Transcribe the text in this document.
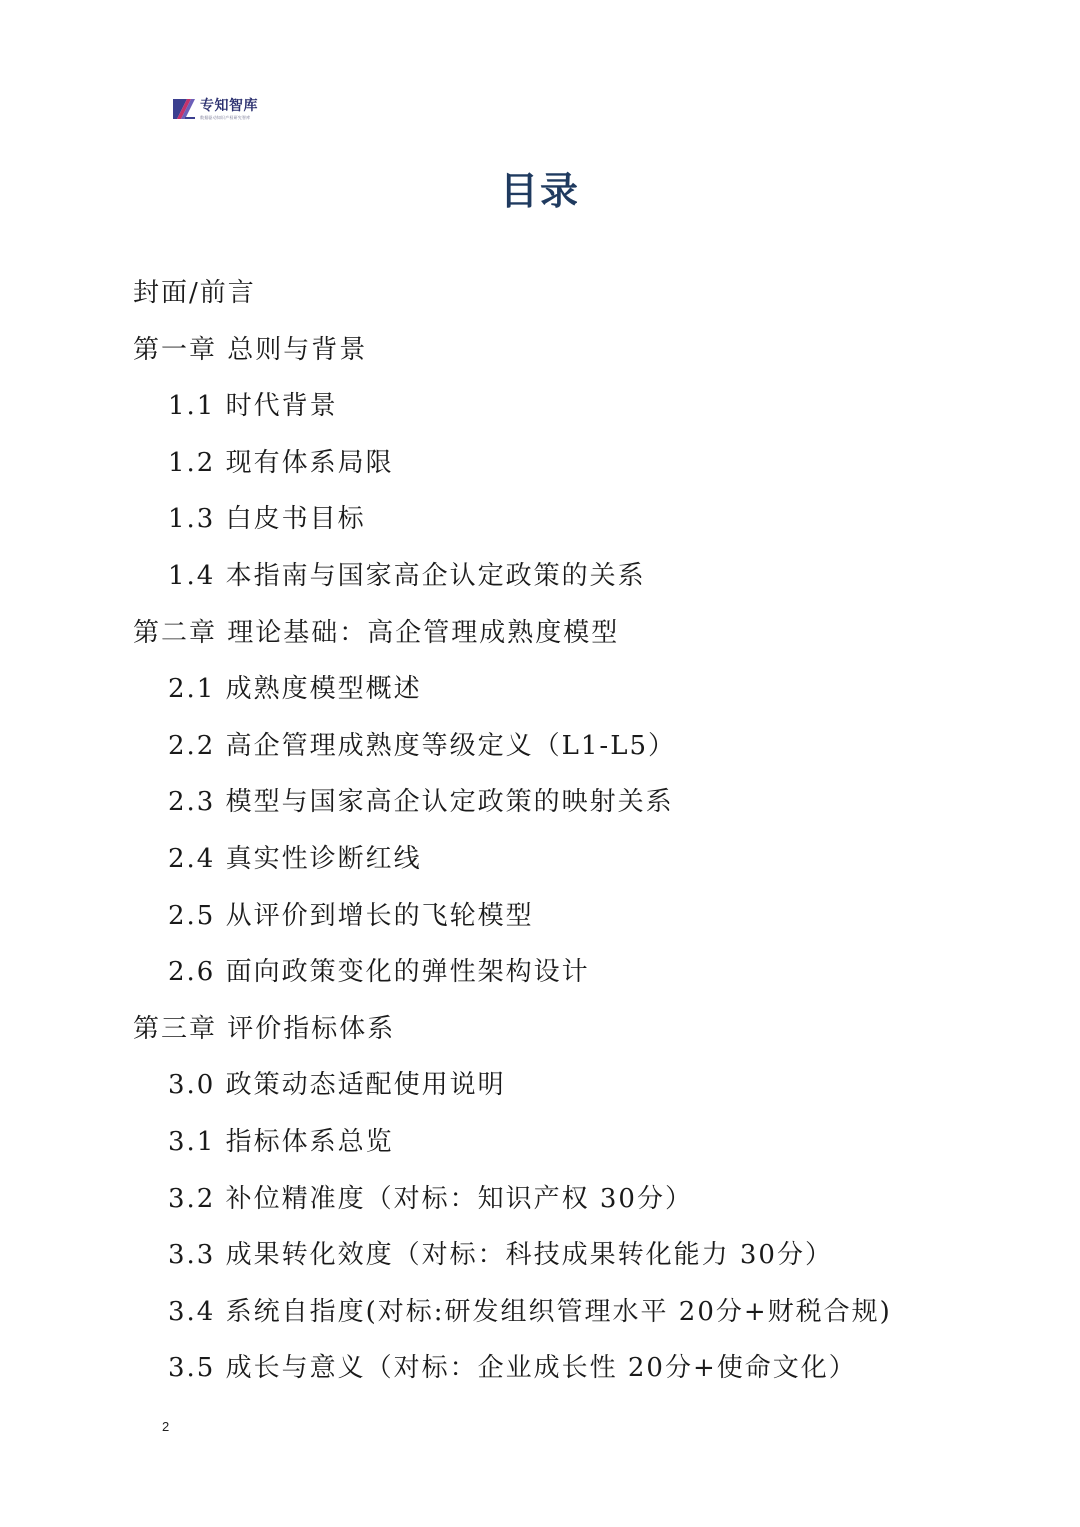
专知智库
数据驱动知识产权研究智库
目录
封面/前言
第一章 总则与背景
1.1 时代背景
1.2 现有体系局限
1.3 白皮书目标
1.4 本指南与国家高企认定政策的关系
第二章 理论基础：高企管理成熟度模型
2.1 成熟度模型概述
2.2 高企管理成熟度等级定义（L1-L5）
2.3 模型与国家高企认定政策的映射关系
2.4 真实性诊断红线
2.5 从评价到增长的飞轮模型
2.6 面向政策变化的弹性架构设计
第三章 评价指标体系
3.0 政策动态适配使用说明
3.1 指标体系总览
3.2 补位精准度（对标：知识产权 30分）
3.3 成果转化效度（对标：科技成果转化能力 30分）
3.4 系统自指度(对标:研发组织管理水平 20分+财税合规)
3.5 成长与意义（对标：企业成长性 20分+使命文化）
2
